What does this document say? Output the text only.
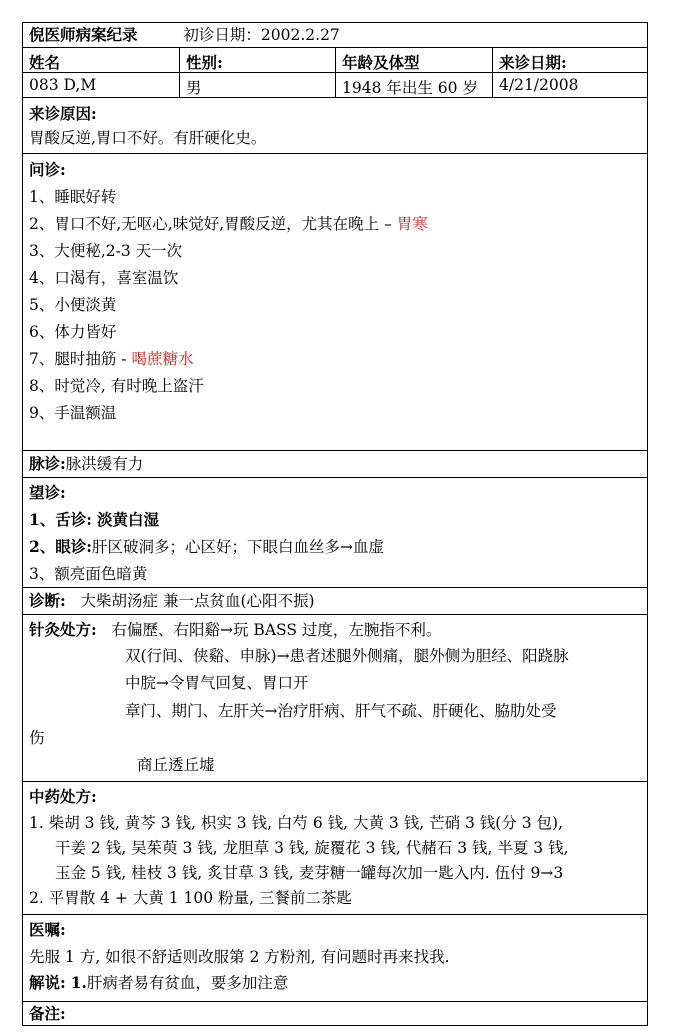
倪医师病案纪录	初诊日期：2002.2.27
姓名	性别:	年龄及体型	来诊日期:
083 D,M	男	1948 年出生 60 岁	4/21/2008
来诊原因:
胃酸反逆,胃口不好。有肝硬化史。
问诊:
1、睡眠好转
2、胃口不好,无呕心,味觉好,胃酸反逆，尤其在晚上 – 胃寒
3、大便秘,2-3 天一次
4、口渴有，喜室温饮
5、小便淡黄
6、体力皆好
7、腿时抽筋 - 喝蔗糖水
8、时觉冷, 有时晚上盗汗
9、手温额温
脉诊:脉洪缓有力
望诊:
1、舌诊: 淡黄白湿
2、眼诊:肝区破洞多；心区好；下眼白血丝多→血虚
3、额亮面色暗黄
诊断: 大柴胡汤症 兼一点贫血(心阳不振)
针灸处方: 右偏歷、右阳谿→玩 BASS 过度，左腕指不利。
双(行间、侠谿、申脉)→患者述腿外侧痛，腿外侧为胆经、阳跷脉
中脘→令胃气回复、胃口开
章门、期门、左肝关→治疗肝病、肝气不疏、肝硬化、脇肋处受
伤
商丘透丘墟
中药处方:
1. 柴胡 3 钱, 黄芩 3 钱, 枳实 3 钱, 白芍 6 钱, 大黄 3 钱, 芒硝 3 钱(分 3 包),
干姜 2 钱, 吴茱萸 3 钱, 龙胆草 3 钱, 旋覆花 3 钱, 代赭石 3 钱, 半夏 3 钱,
玉金 5 钱, 桂枝 3 钱, 炙甘草 3 钱, 麦芽糖一罐每次加一匙入内. 伍付 9→3
2. 平胃散 4 + 大黄 1 100 粉量, 三餐前二茶匙
医嘱:
先服 1 方, 如很不舒适则改服第 2 方粉剂, 有问题时再来找我.
解说: 1.肝病者易有贫血，要多加注意
备注:
